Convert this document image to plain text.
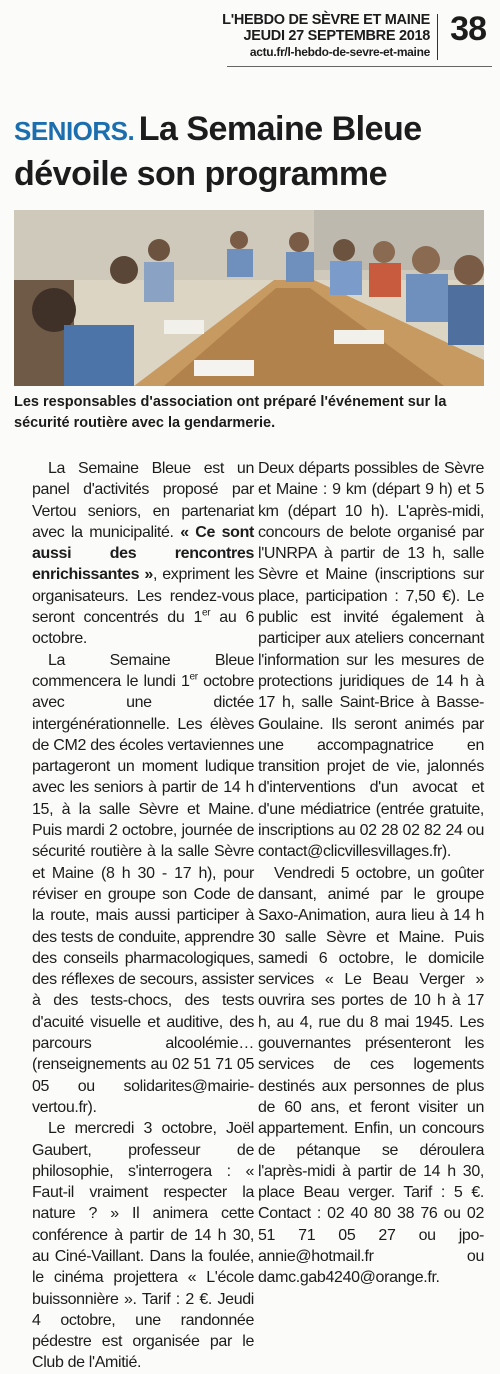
L'HEBDO DE SÈVRE ET MAINE
JEUDI 27 SEPTEMBRE 2018
actu.fr/l-hebdo-de-sevre-et-maine
38
SENIORS. La Semaine Bleue dévoile son programme
Les responsables d'association ont préparé l'événement sur la sécurité routière avec la gendarmerie.

La Semaine Bleue est un panel d'activités proposé par Vertou seniors, en partenariat avec la municipalité. « Ce sont aussi des rencontres enrichissantes », expriment les organisateurs. Les rendez-vous seront concentrés du 1er au 6 octobre.

La Semaine Bleue commencera le lundi 1er octobre avec une dictée intergénérationnelle. Les élèves de CM2 des écoles vertaviennes partageront un moment ludique avec les seniors à partir de 14 h 15, à la salle Sèvre et Maine. Puis mardi 2 octobre, journée de sécurité routière à la salle Sèvre et Maine (8 h 30 - 17 h), pour réviser en groupe son Code de la route, mais aussi participer à des tests de conduite, apprendre des conseils pharmacologiques, des réflexes de secours, assister à des tests-chocs, des tests d'acuité visuelle et auditive, des parcours alcoolémie… (renseignements au 02 51 71 05 05 ou solidarites@mairie-vertou.fr).

Le mercredi 3 octobre, Joël Gaubert, professeur de philosophie, s'interrogera : « Faut-il vraiment respecter la nature ? » Il animera cette conférence à partir de 14 h 30, au Ciné-Vaillant. Dans la foulée, le cinéma projettera « L'école buissonnière ». Tarif : 2 €. Jeudi 4 octobre, une randonnée pédestre est organisée par le Club de l'Amitié.

Deux départs possibles de Sèvre et Maine : 9 km (départ 9 h) et 5 km (départ 10 h). L'après-midi, concours de belote organisé par l'UNRPA à partir de 13 h, salle Sèvre et Maine (inscriptions sur place, participation : 7,50 €). Le public est invité également à participer aux ateliers concernant l'information sur les mesures de protections juridiques de 14 h à 17 h, salle Saint-Brice à Basse-Goulaine. Ils seront animés par une accompagnatrice en transition projet de vie, jalonnés d'interventions d'un avocat et d'une médiatrice (entrée gratuite, inscriptions au 02 28 02 82 24 ou contact@clicvillesvillages.fr).

Vendredi 5 octobre, un goûter dansant, animé par le groupe Saxo-Animation, aura lieu à 14 h 30 salle Sèvre et Maine. Puis samedi 6 octobre, le domicile services « Le Beau Verger » ouvrira ses portes de 10 h à 17 h, au 4, rue du 8 mai 1945. Les gouvernantes présenteront les services de ces logements destinés aux personnes de plus de 60 ans, et feront visiter un appartement. Enfin, un concours de pétanque se déroulera l'après-midi à partir de 14 h 30, place Beau verger. Tarif : 5 €. Contact : 02 40 80 38 76 ou 02 51 71 05 27 ou jpo-annie@hotmail.fr ou damc.gab4240@orange.fr.
